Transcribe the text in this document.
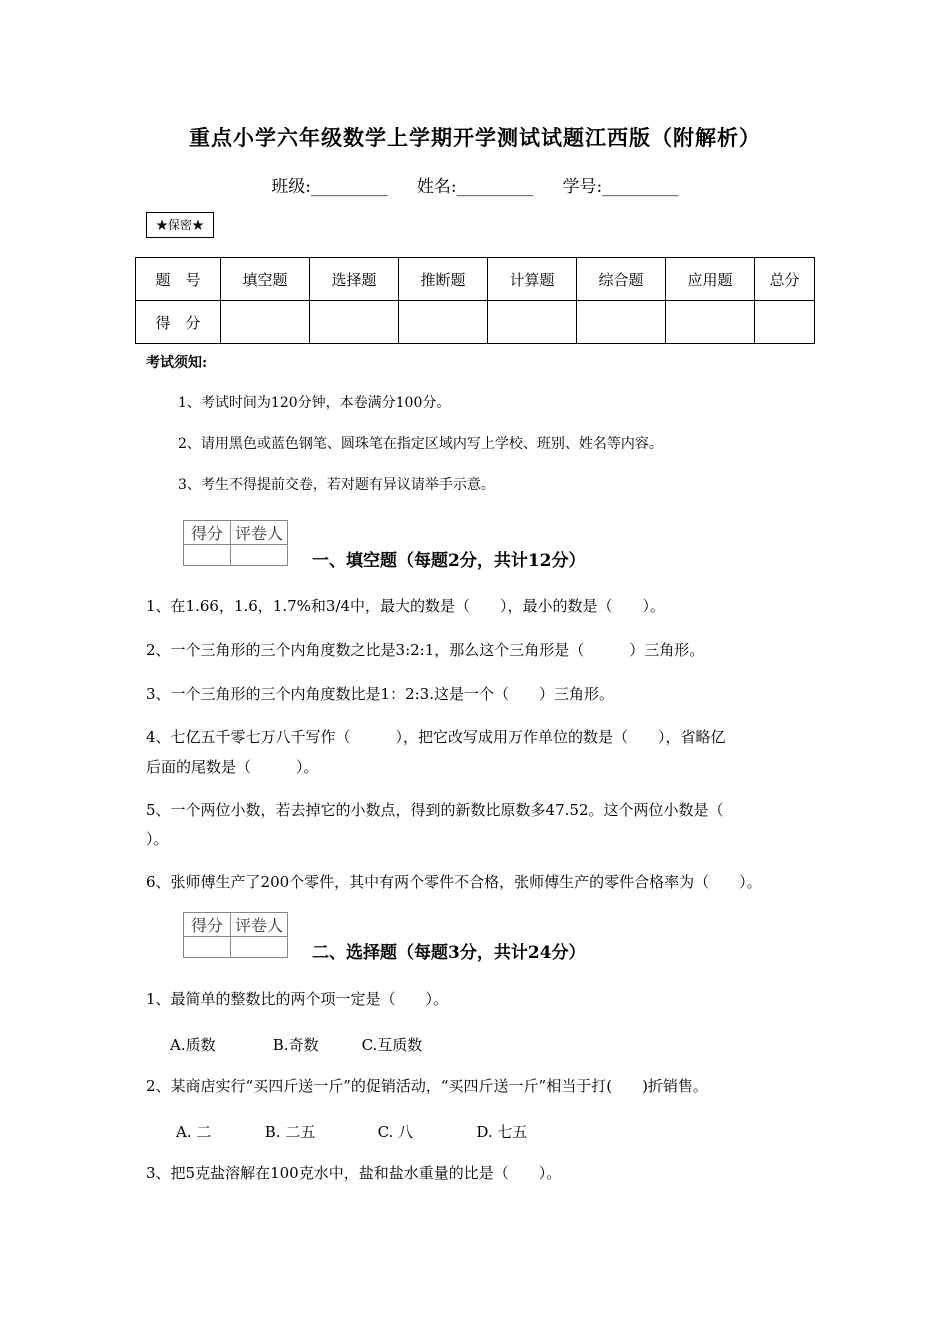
重点小学六年级数学上学期开学测试试题江西版（附解析）
班级:_________ 姓名:_________ 学号:_________
★保密★
题　号	填空题	选择题	推断题	计算题	综合题	应用题	总分
得　分							
考试须知:
1、考试时间为120分钟，本卷满分100分。
2、请用黑色或蓝色钢笔、圆珠笔在指定区域内写上学校、班别、姓名等内容。
3、考生不得提前交卷，若对题有异议请举手示意。
得分	评卷人

一、填空题（每题2分，共计12分）
1、在1.66，1.6，1.7%和3/4中，最大的数是（　　），最小的数是（　　）。
2、一个三角形的三个内角度数之比是3:2:1，那么这个三角形是（　　　）三角形。
3、一个三角形的三个内角度数比是1：2:3.这是一个（　　）三角形。
4、七亿五千零七万八千写作（　　　），把它改写成用万作单位的数是（　　），省略亿
后面的尾数是（　　　）。
5、一个两位小数，若去掉它的小数点，得到的新数比原数多47.52。这个两位小数是（
）。
6、张师傅生产了200个零件，其中有两个零件不合格，张师傅生产的零件合格率为（　　）。
得分	评卷人

二、选择题（每题3分，共计24分）
1、最简单的整数比的两个项一定是（　　）。
A.质数	B.奇数	C.互质数
2、某商店实行“买四斤送一斤”的促销活动，“买四斤送一斤”相当于打(　　)折销售。
A. 二	B. 二五	C. 八	D. 七五
3、把5克盐溶解在100克水中，盐和盐水重量的比是（　　）。
